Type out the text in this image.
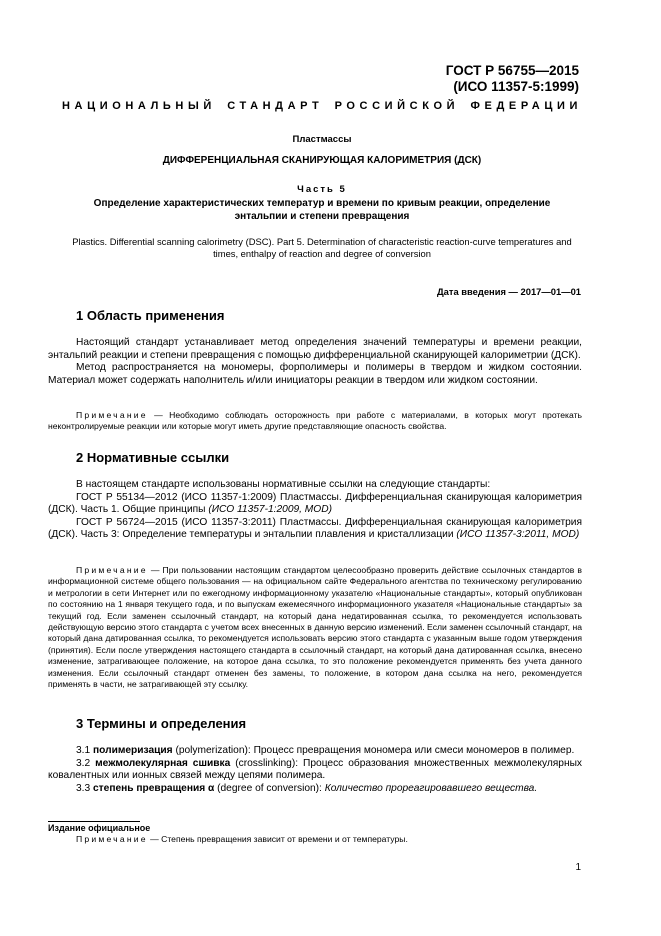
ГОСТ Р 56755—2015
(ИСО 11357-5:1999)
НАЦИОНАЛЬНЫЙ СТАНДАРТ РОССИЙСКОЙ ФЕДЕРАЦИИ
Пластмассы
ДИФФЕРЕНЦИАЛЬНАЯ СКАНИРУЮЩАЯ КАЛОРИМЕТРИЯ (ДСК)
Часть 5
Определение характеристических температур и времени по кривым реакции, определение энтальпии и степени превращения
Plastics. Differential scanning calorimetry (DSC). Part 5. Determination of characteristic reaction-curve temperatures and times, enthalpy of reaction and degree of conversion
Дата введения — 2017—01—01
1 Область применения

Настоящий стандарт устанавливает метод определения значений температуры и времени реакции, энтальпий реакции и степени превращения с помощью дифференциальной сканирующей калориметрии (ДСК).

Метод распространяется на мономеры, форполимеры и полимеры в твердом и жидком состоянии. Материал может содержать наполнитель и/или инициаторы реакции в твердом или жидком состоянии.

Примечание — Необходимо соблюдать осторожность при работе с материалами, в которых могут протекать неконтролируемые реакции или которые могут иметь другие представляющие опасность свойства.

2 Нормативные ссылки

В настоящем стандарте использованы нормативные ссылки на следующие стандарты:

ГОСТ Р 55134—2012 (ИСО 11357-1:2009) Пластмассы. Дифференциальная сканирующая калориметрия (ДСК). Часть 1. Общие принципы (ИСО 11357-1:2009, MOD)

ГОСТ Р 56724—2015 (ИСО 11357-3:2011) Пластмассы. Дифференциальная сканирующая калориметрия (ДСК). Часть 3: Определение температуры и энтальпии плавления и кристаллизации (ИСО 11357-3:2011, MOD)

Примечание — При пользовании настоящим стандартом целесообразно проверить действие ссылочных стандартов в информационной системе общего пользования — на официальном сайте Федерального агентства по техническому регулированию и метрологии в сети Интернет или по ежегодному информационному указателю «Национальные стандарты», который опубликован по состоянию на 1 января текущего года, и по выпускам ежемесячного информационного указателя «Национальные стандарты» за текущий год. Если заменен ссылочный стандарт, на который дана недатированная ссылка, то рекомендуется использовать действующую версию этого стандарта с учетом всех внесенных в данную версию изменений. Если заменен ссылочный стандарт, на который дана датированная ссылка, то рекомендуется использовать версию этого стандарта с указанным выше годом утверждения (принятия). Если после утверждения настоящего стандарта в ссылочный стандарт, на который дана датированная ссылка, внесено изменение, затрагивающее положение, на которое дана ссылка, то это положение рекомендуется применять без учета данного изменения. Если ссылочный стандарт отменен без замены, то положение, в котором дана ссылка на него, рекомендуется применять в части, не затрагивающей эту ссылку.

3 Термины и определения

3.1 полимеризация (polymerization): Процесс превращения мономера или смеси мономеров в полимер.

3.2 межмолекулярная сшивка (crosslinking): Процесс образования множественных межмолекулярных ковалентных или ионных связей между цепями полимера.

3.3 степень превращения α (degree of conversion): Количество прореагировавшего вещества.

Издание официальное

Примечание — Степень превращения зависит от времени и от температуры.

1
